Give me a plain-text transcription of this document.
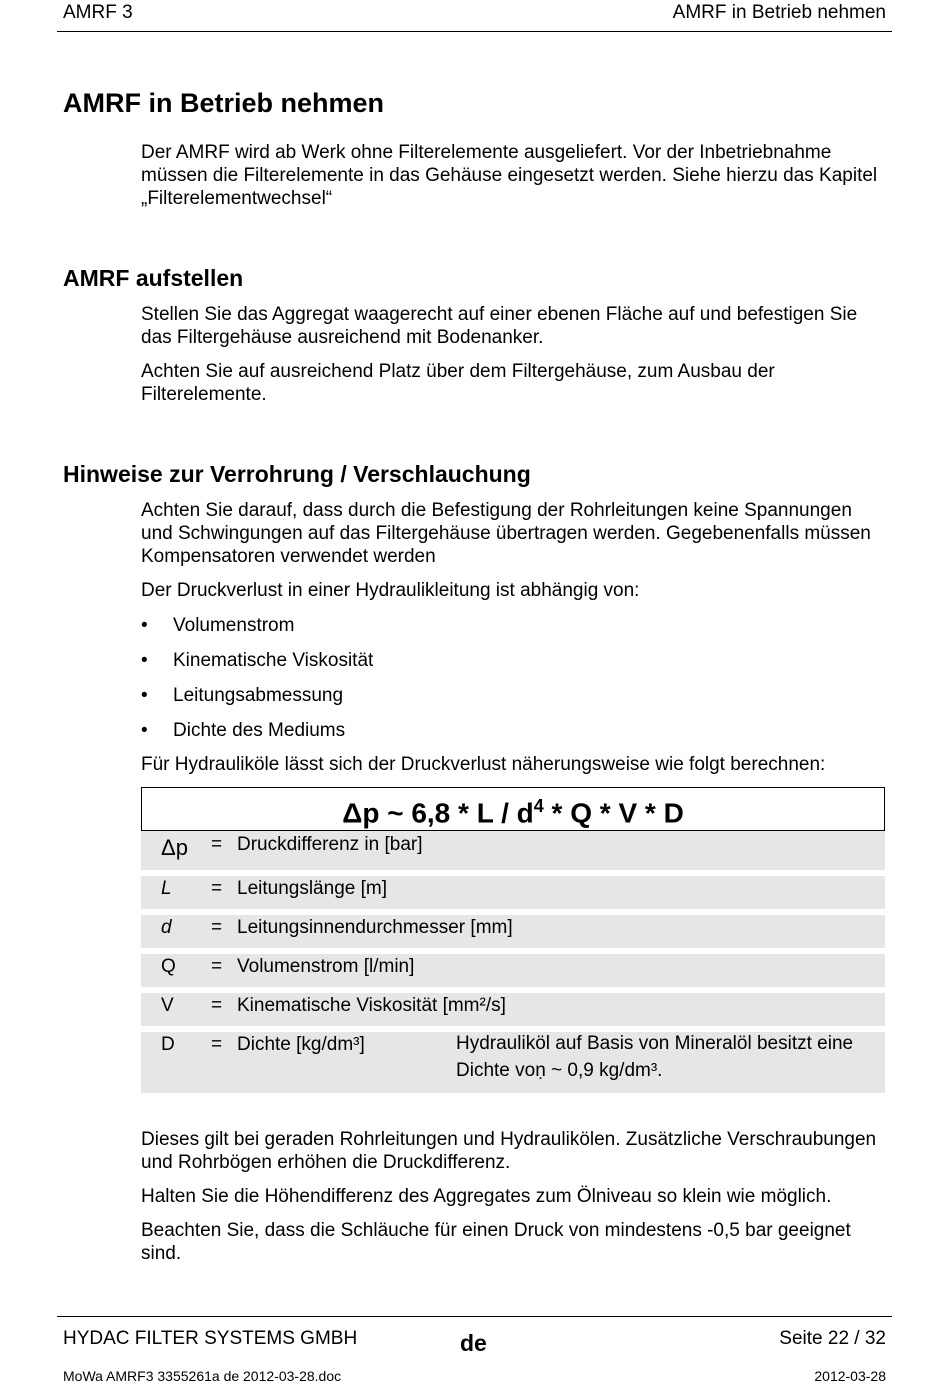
AMRF 3	AMRF in Betrieb nehmen
AMRF in Betrieb nehmen

Der AMRF wird ab Werk ohne Filterelemente ausgeliefert. Vor der Inbetriebnahme müssen die Filterelemente in das Gehäuse eingesetzt werden. Siehe hierzu das Kapitel „Filterelementwechsel“

AMRF aufstellen

Stellen Sie das Aggregat waagerecht auf einer ebenen Fläche auf und befestigen Sie das Filtergehäuse ausreichend mit Bodenanker.

Achten Sie auf ausreichend Platz über dem Filtergehäuse, zum Ausbau der Filterelemente.

Hinweise zur Verrohrung / Verschlauchung

Achten Sie darauf, dass durch die Befestigung der Rohrleitungen keine Spannungen und Schwingungen auf das Filtergehäuse übertragen werden. Gegebenenfalls müssen Kompensatoren verwendet werden

Der Druckverlust in einer Hydraulikleitung ist abhängig von:

• Volumenstrom
• Kinematische Viskosität
• Leitungsabmessung
• Dichte des Mediums

Für Hydrauliköle lässt sich der Druckverlust näherungsweise wie folgt berechnen:

Δp ~ 6,8 * L / $d^4$ * Q * V * D
Δp = Druckdifferenz in [bar]
L = Leitungslänge [m]
d = Leitungsinnendurchmesser [mm]
Q = Volumenstrom [l/min]
V = Kinematische Viskosität [mm²/s]
D = Dichte [kg/dm³]	Hydrauliköl auf Basis von Mineralöl besitzt eine Dichte voṇ ~ 0,9 kg/dm³.

Dieses gilt bei geraden Rohrleitungen und Hydraulikölen. Zusätzliche Verschraubungen und Rohrbögen erhöhen die Druckdifferenz.

Halten Sie die Höhendifferenz des Aggregates zum Ölniveau so klein wie möglich.

Beachten Sie, dass die Schläuche für einen Druck von mindestens -0,5 bar geeignet sind.

HYDAC FILTER SYSTEMS GMBH	de	Seite 22 / 32
MoWa AMRF3 3355261a de 2012-03-28.doc	2012-03-28
